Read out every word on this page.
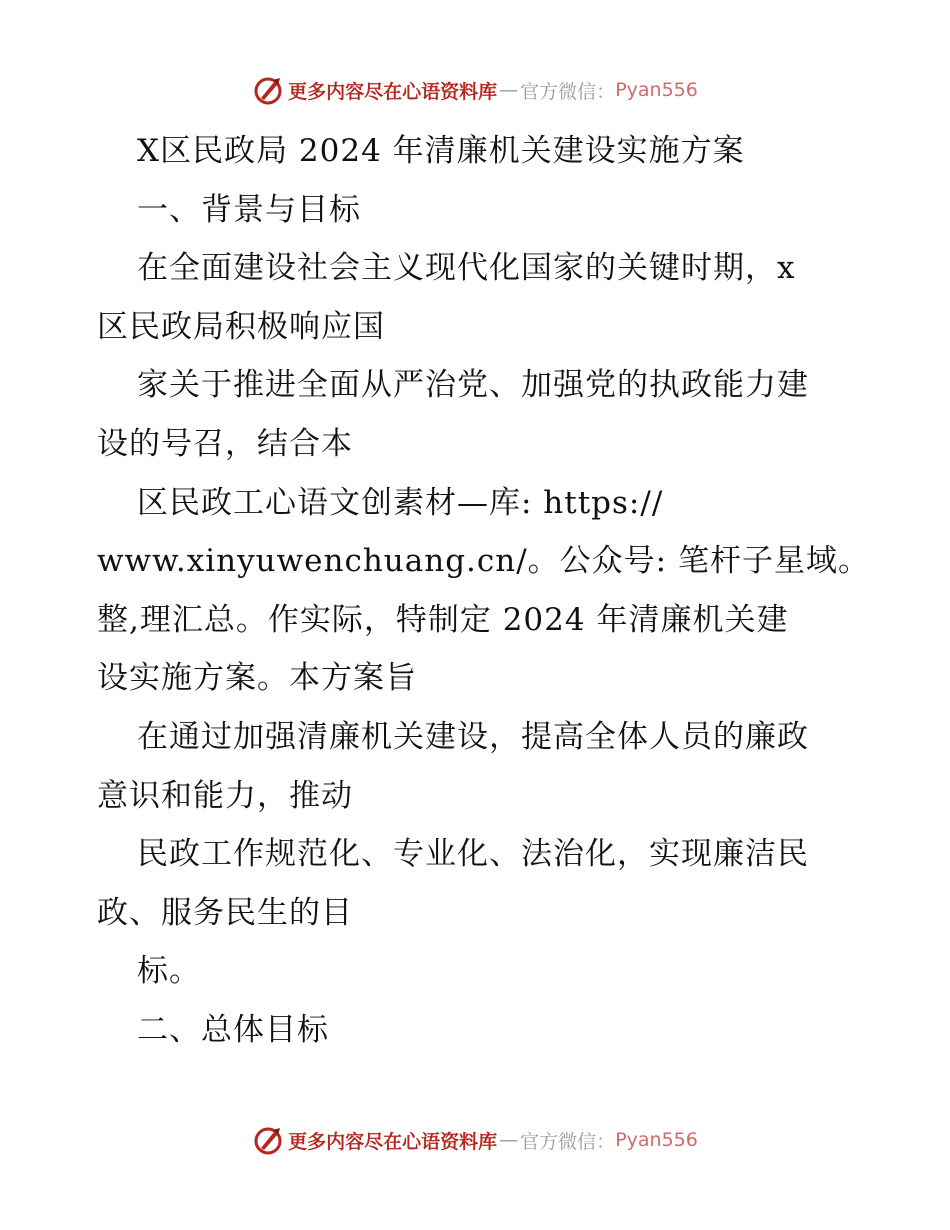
更多内容尽在心语资料库 — 官方微信： Pyan556
X区民政局 2024 年清廉机关建设实施方案
一、背景与目标
在全面建设社会主义现代化国家的关键时期，x
区民政局积极响应国
家关于推进全面从严治党、加强党的执政能力建
设的号召，结合本
区民政工心语文创素材—库: https://
www.xinyuwenchuang.cn/。公众号: 笔杆子星域。
整,理汇总。作实际，特制定 2024 年清廉机关建
设实施方案。本方案旨
在通过加强清廉机关建设，提高全体人员的廉政
意识和能力，推动
民政工作规范化、专业化、法治化，实现廉洁民
政、服务民生的目
标。
二、总体目标
更多内容尽在心语资料库 — 官方微信： Pyan556
